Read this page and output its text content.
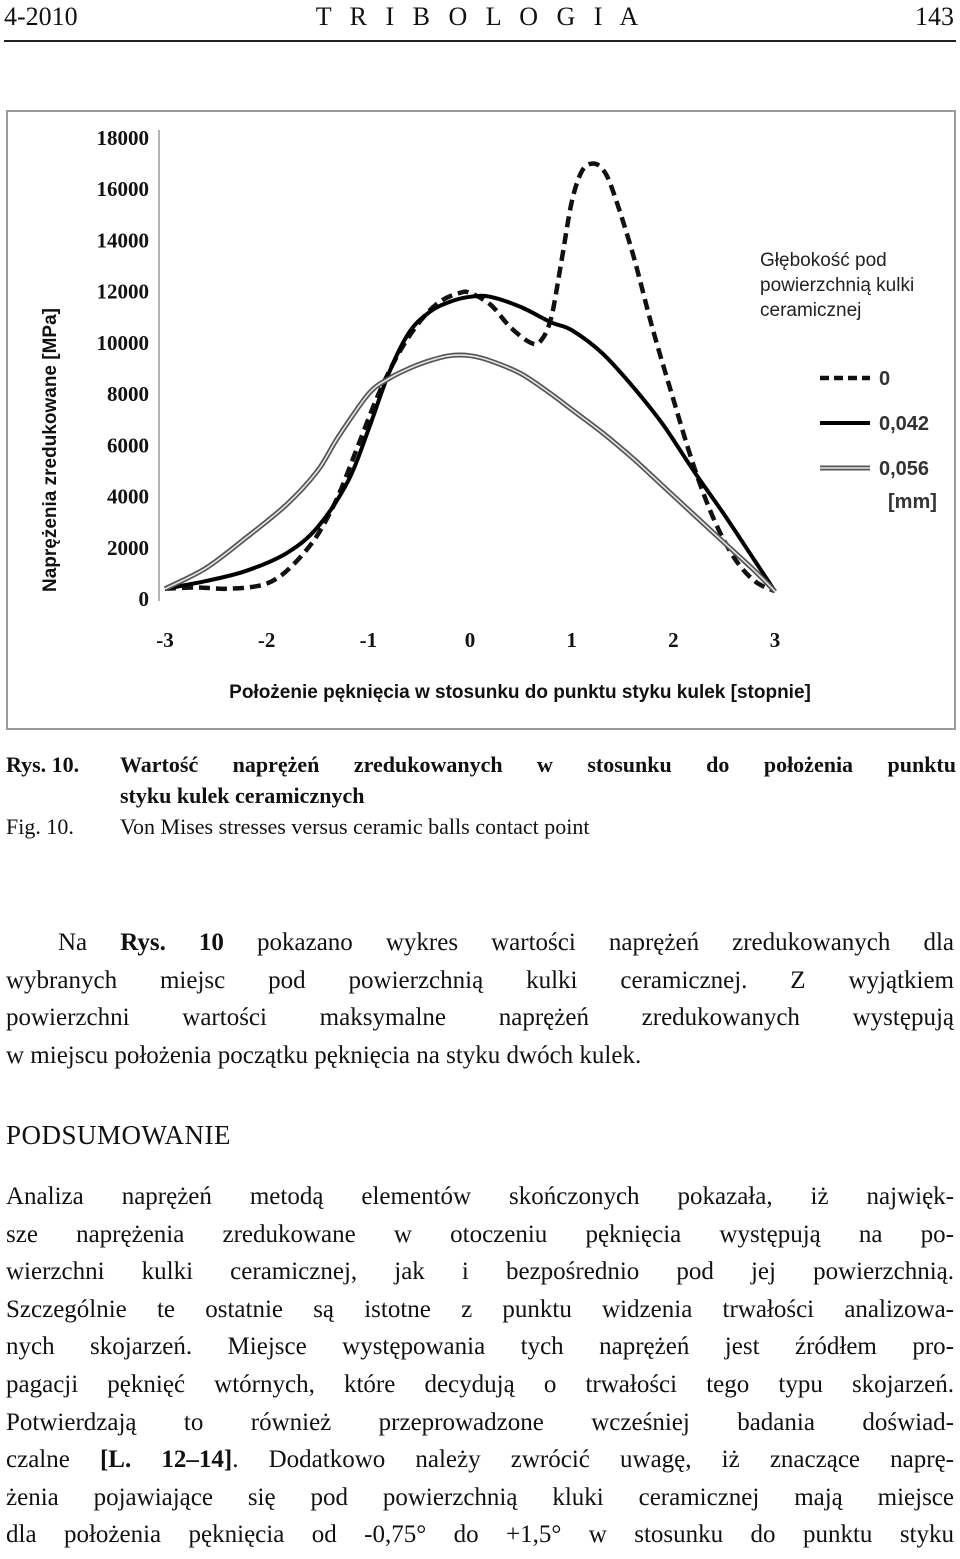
4-2010	T R I B O L O G I A	143
0
2000
4000
6000
8000
10000
12000
14000
16000
18000
-3	-2	-1	0	1	2	3
Naprężenia zredukowane [MPa]
Położenie pęknięcia w stosunku do punktu styku kulek [stopnie]
Głębokość pod
powierzchnią kulki
ceramicznej
0
0,042
0,056
[mm]
Rys. 10. Wartość naprężeń zredukowanych w stosunku do położenia punktu
styku kulek ceramicznych
Fig. 10. Von Mises stresses versus ceramic balls contact point
Na Rys. 10 pokazano wykres wartości naprężeń zredukowanych dla
wybranych miejsc pod powierzchnią kulki ceramicznej. Z wyjątkiem
powierzchni wartości maksymalne naprężeń zredukowanych występują
w miejscu położenia początku pęknięcia na styku dwóch kulek.
PODSUMOWANIE
Analiza naprężeń metodą elementów skończonych pokazała, iż najwięk-
sze naprężenia zredukowane w otoczeniu pęknięcia występują na po-
wierzchni kulki ceramicznej, jak i bezpośrednio pod jej powierzchnią.
Szczególnie te ostatnie są istotne z punktu widzenia trwałości analizowa-
nych skojarzeń. Miejsce występowania tych naprężeń jest źródłem pro-
pagacji pęknięć wtórnych, które decydują o trwałości tego typu skojarzeń.
Potwierdzają to również przeprowadzone wcześniej badania doświad-
czalne [L. 12–14]. Dodatkowo należy zwrócić uwagę, iż znaczące naprę-
żenia pojawiające się pod powierzchnią kluki ceramicznej mają miejsce
dla położenia pęknięcia od -0,75° do +1,5° w stosunku do punktu styku
